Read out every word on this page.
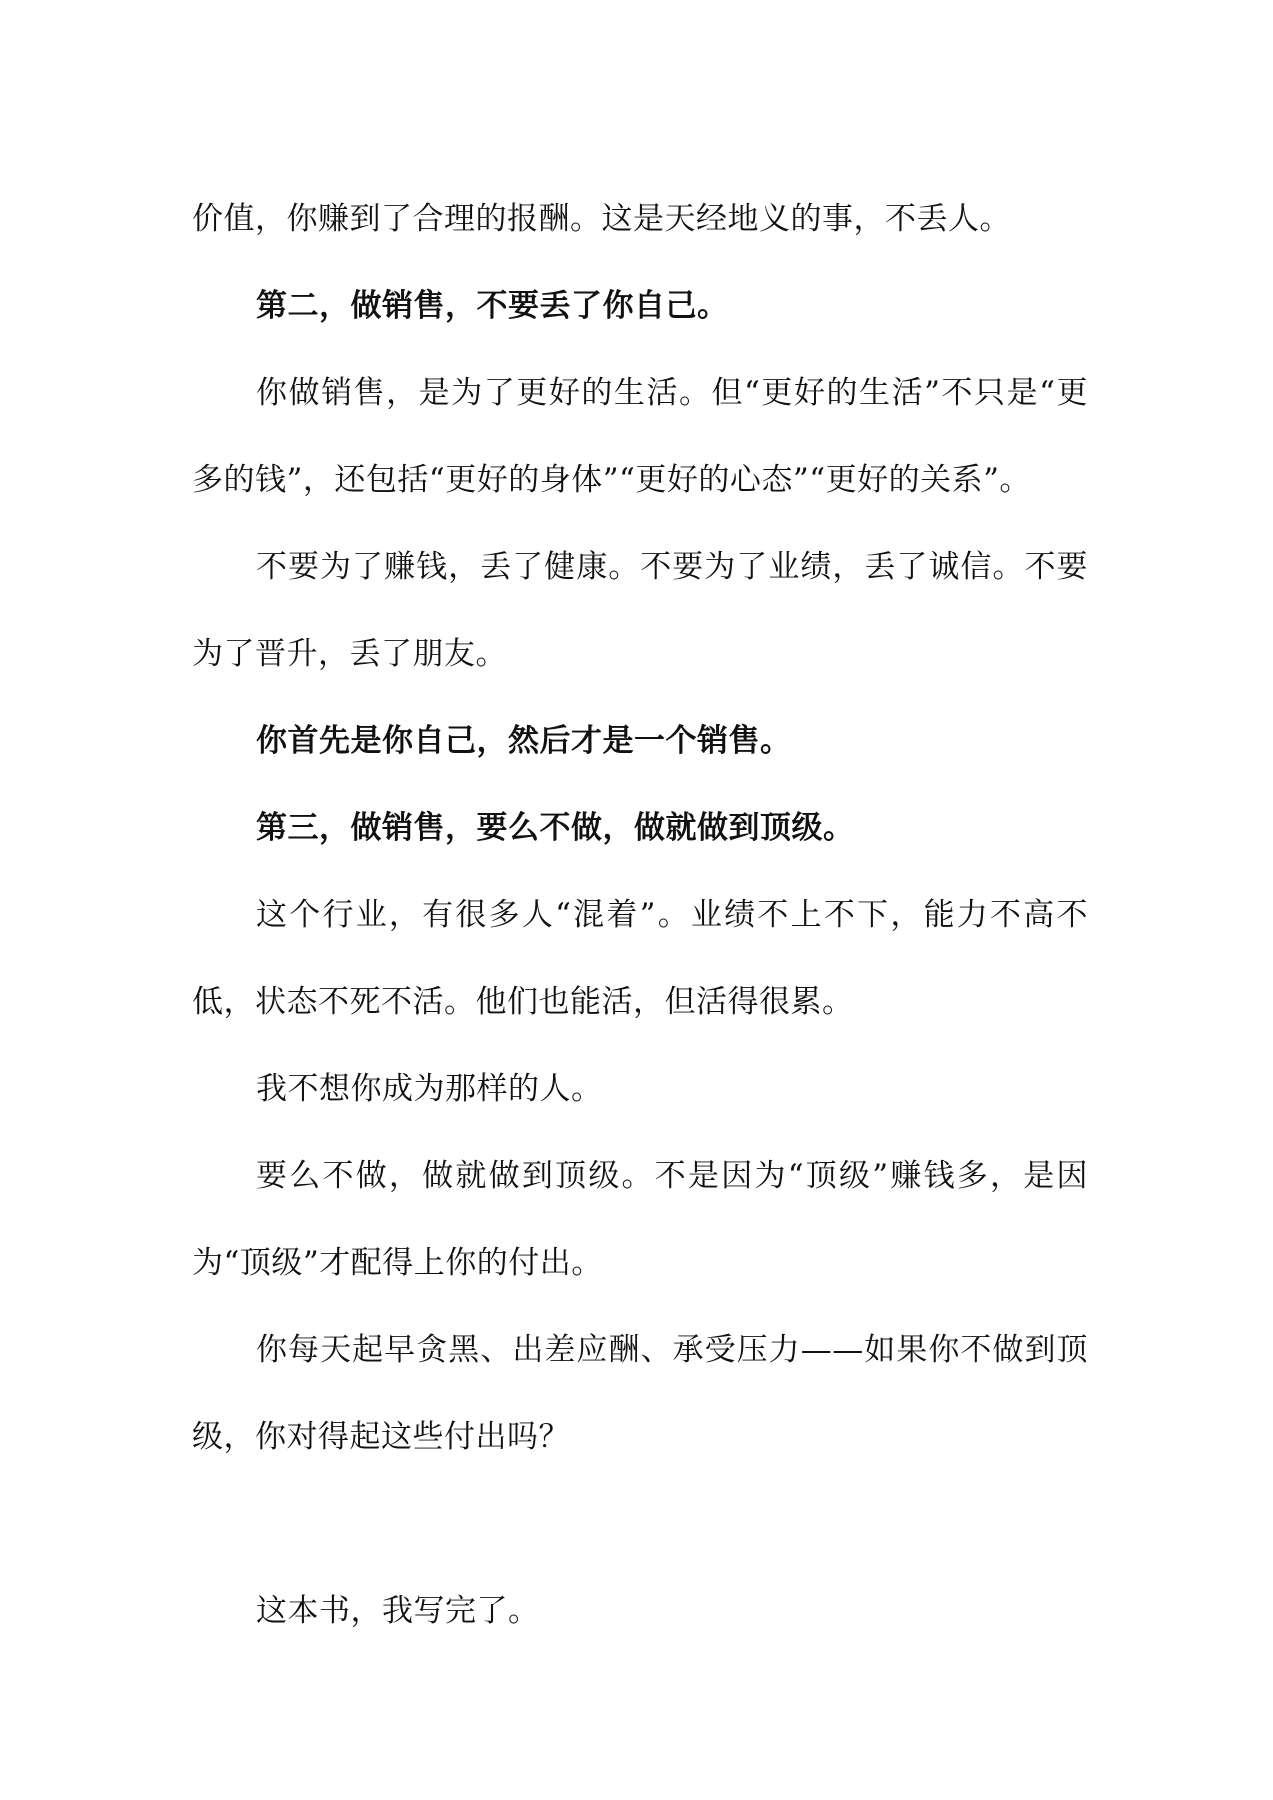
价值，你赚到了合理的报酬。这是天经地义的事，不丢人。

第二，做销售，不要丢了你自己。

你做销售，是为了更好的生活。但“更好的生活”不只是“更多的钱”，还包括“更好的身体”“更好的心态”“更好的关系”。

不要为了赚钱，丢了健康。不要为了业绩，丢了诚信。不要为了晋升，丢了朋友。

你首先是你自己，然后才是一个销售。

第三，做销售，要么不做，做就做到顶级。

这个行业，有很多人“混着”。业绩不上不下，能力不高不低，状态不死不活。他们也能活，但活得很累。

我不想你成为那样的人。

要么不做，做就做到顶级。不是因为“顶级”赚钱多，是因为“顶级”才配得上你的付出。

你每天起早贪黑、出差应酬、承受压力——如果你不做到顶级，你对得起这些付出吗？

这本书，我写完了。
